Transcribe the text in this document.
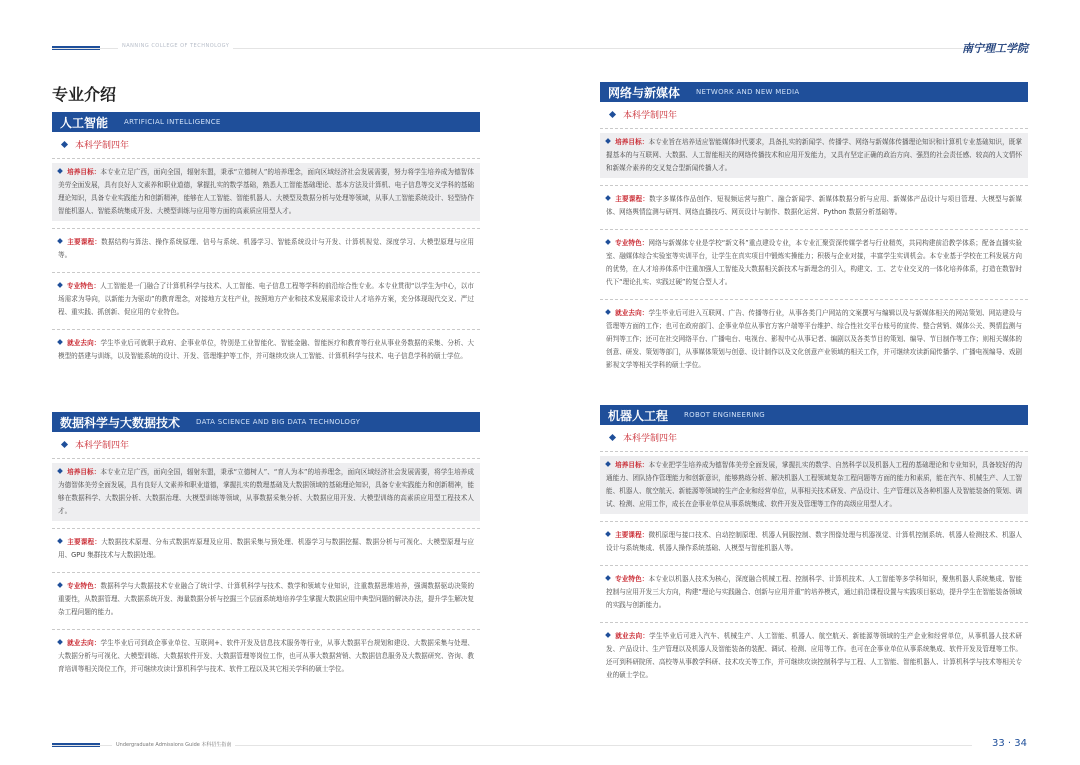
NANNING COLLEGE OF TECHNOLOGY	南宁理工学院
专业介绍
人工智能	ARTIFICIAL INTELLIGENCE
本科学制四年
培养目标：本专业立足广西，面向全国，辐射东盟，秉承“立德树人”的培养理念，面向区域经济社会发展需要，努力将学生培养成为德智体美劳全面发展，具有良好人文素养和职业道德，掌握扎实的数学基础，熟悉人工智能基础理论、基本方法及计算机、电子信息等交叉学科的基础理论知识，具备专业实践能力和创新精神，能够在人工智能、智能机器人、大模型及数据分析与处理等领域，从事人工智能系统设计、轻型协作智能机器人、智能系统集成开发、大模型训练与应用等方面的高素质应用型人才。
主要课程：数据结构与算法、操作系统原理、信号与系统、机器学习、智能系统设计与开发、计算机视觉、深度学习、大模型原理与应用等。
专业特色：人工智能是一门融合了计算机科学与技术、人工智能、电子信息工程等学科的前沿综合性专业。本专业贯彻“以学生为中心，以市场需求为导向，以新能力为驱动”的教育理念，对接地方支柱产业，按照地方产业和技术发展需求设计人才培养方案，充分体现现代交叉、严过程、重实践、抓创新、促应用的专业特色。
就业去向：学生毕业后可就职于政府、企事业单位，特别是工业智能化、智能金融、智能医疗和教育等行业从事业务数据的采集、分析、大模型的搭建与训练，以及智能系统的设计、开发、管理维护等工作，并可继续攻读人工智能、计算机科学与技术、电子信息学科的硕士学位。
数据科学与大数据技术	DATA SCIENCE AND BIG DATA TECHNOLOGY
本科学制四年
培养目标：本专业立足广西，面向全国，辐射东盟，秉承“立德树人”、“育人为本”的培养理念，面向区域经济社会发展需要，将学生培养成为德智体美劳全面发展，具有良好人文素养和职业道德，掌握扎实的数理基础及大数据领域的基础理论知识，具备专业实践能力和创新精神，能够在数据科学、大数据分析、大数据治理、大模型训练等领域，从事数据采集分析、大数据应用开发、大模型训练的高素质应用型工程技术人才。
主要课程：大数据技术原理、分布式数据库原理及应用、数据采集与预处理、机器学习与数据挖掘、数据分析与可视化、大模型原理与应用、GPU 集群技术与大数据处理。
专业特色：数据科学与大数据技术专业融合了统计学、计算机科学与技术、数学和领域专业知识，注重数据思维培养，强调数据驱动决策的重要性，从数据管理、大数据系统开发、海量数据分析与挖掘三个层面系统地培养学生掌握大数据应用中典型问题的解决办法，提升学生解决复杂工程问题的能力。
就业去向：学生毕业后可到政企事业单位、互联网+、软件开发及信息技术服务等行业，从事大数据平台规划和建设、大数据采集与处理、大数据分析与可视化、大模型训练、大数据软件开发、大数据管理等岗位工作，也可从事大数据营销、大数据信息服务及大数据研究、咨询、教育培训等相关岗位工作，并可继续攻读计算机科学与技术、软件工程以及其它相关学科的硕士学位。
网络与新媒体	NETWORK AND NEW MEDIA
本科学制四年
培养目标：本专业旨在培养适应智能媒体时代要求，具备扎实的新闻学、传播学、网络与新媒体传播理论知识和计算机专业基础知识，既掌握基本的与互联网、大数据、人工智能相关的网络传播技术和应用开发能力，又具有坚定正确的政治方向、强烈的社会责任感、较高的人文情怀和新媒介素养的交叉复合型新闻传播人才。
主要课程：数字多媒体作品创作、短视频运营与推广、融合新闻学、新媒体数据分析与应用、新媒体产品设计与项目管理、大模型与新媒体、网络舆情监测与研判、网络直播技巧、网页设计与制作、数据化运营、Python 数据分析基础等。
专业特色：网络与新媒体专业是学校“新文科”重点建设专业，本专业汇聚资深传媒学者与行业精英，共同构建前沿教学体系；配备直播实验室、融媒体综合实验室等实训平台，让学生在真实项目中锻炼实操能力；积极与企业对接，丰富学生实训机会。本专业基于学校在工科发展方向的优势，在人才培养体系中注重加强人工智能及大数据相关新技术与新理念的引入，构建文、工、艺专业交叉的一体化培养体系，打造在数智时代下“理论扎实、实践过硬”的复合型人才。
就业去向：学生毕业后可进入互联网、广告、传播等行业，从事各类门户网站的文案撰写与编辑以及与新媒体相关的网站策划、网站建设与管理等方面的工作；也可在政府部门、企事业单位从事官方客户端等平台维护、综合性社交平台账号的宣传、整合营销、媒体公关、舆情监测与研判等工作；还可在社交网络平台、广播电台、电视台、影视中心从事记者、编剧以及各类节目的策划、编导、节目制作等工作；则相关媒体的创意、研发、策划等部门，从事媒体策划与创意、设计制作以及文化创意产业领域的相关工作，并可继续攻读新闻传播学、广播电视编导、戏剧影视文学等相关学科的硕士学位。
机器人工程	ROBOT ENGINEERING
本科学制四年
培养目标：本专业把学生培养成为德智体美劳全面发展，掌握扎实的数学、自然科学以及机器人工程的基础理论和专业知识，具备较好的沟通能力、团队协作管理能力和创新意识，能够熟练分析、解决机器人工程领域复杂工程问题等方面的能力和素质，能在汽车、机械生产、人工智能、机器人、航空航天、新能源等领域的生产企业和经营单位，从事相关技术研发、产品设计、生产管理以及各种机器人及智能装备的策划、调试、检测、应用工作，成长在企事业单位从事系统集成、软件开发及管理等工作的高级应用型人才。
主要课程：微机原理与接口技术、自动控制原理、机器人伺服控制、数字图像处理与机器视觉、计算机控制系统、机器人检测技术、机器人设计与系统集成、机器人操作系统基础、人模型与智能机器人等。
专业特色：本专业以机器人技术为核心，深度融合机械工程、控制科学、计算机技术、人工智能等多学科知识，聚焦机器人系统集成、智能控制与应用开发三大方向，构建“理论与实践融合、创新与应用并重”的培养模式，通过前沿课程设置与实践项目驱动，提升学生在智能装备领域的实践与创新能力。
就业去向：学生毕业后可进入汽车、机械生产、人工智能、机器人、航空航天、新能源等领域的生产企业和经营单位，从事机器人技术研发、产品设计、生产管理以及机器人及智能装备的装配、调试、检测、应用等工作。也可在企事业单位从事系统集成、软件开发及管理等工作。还可到科研院所、高校等从事教学科研、技术攻关等工作，并可继续攻读控制科学与工程、人工智能、智能机器人、计算机科学与技术等相关专业的硕士学位。
Undergraduate Admissions Guide 本科招生指南	33 · 34
